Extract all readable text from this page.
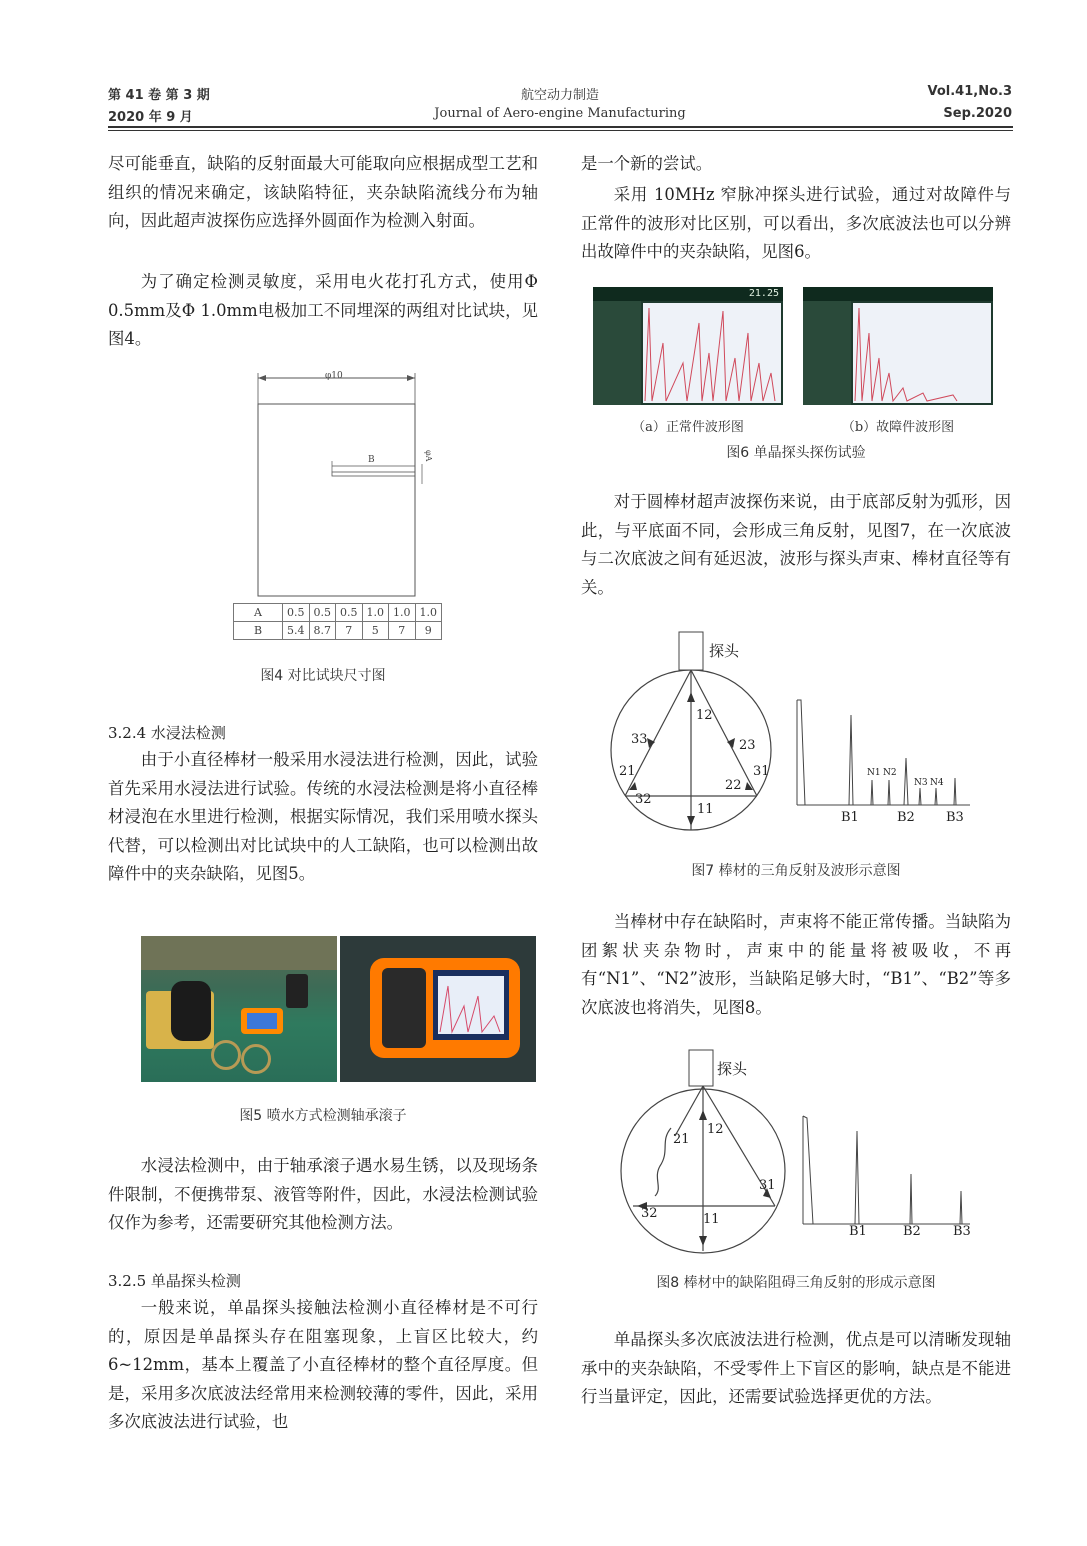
第 41 卷 第 3 期
2020 年 9 月
航空动力制造
Journal of Aero-engine Manufacturing
Vol.41,No.3
Sep.2020

尽可能垂直，缺陷的反射面最大可能取向应根据成型工艺和组织的情况来确定，该缺陷特征，夹杂缺陷流线分布为轴向，因此超声波探伤应选择外圆面作为检测入射面。

为了确定检测灵敏度，采用电火花打孔方式，使用Φ 0.5mm及Φ 1.0mm电极加工不同埋深的两组对比试块，见图4。

φ10
B	φA
A	0.5	0.5	0.5	1.0	1.0	1.0
B	5.4	8.7	7	5	7	9
图4 对比试块尺寸图
3.2.4 水浸法检测

由于小直径棒材一般采用水浸法进行检测，因此，试验首先采用水浸法进行试验。传统的水浸法检测是将小直径棒材浸泡在水里进行检测，根据实际情况，我们采用喷水探头代替，可以检测出对比试块中的人工缺陷，也可以检测出故障件中的夹杂缺陷，见图5。

图5 喷水方式检测轴承滚子

水浸法检测中，由于轴承滚子遇水易生锈，以及现场条件限制，不便携带泵、液管等附件，因此，水浸法检测试验仅作为参考，还需要研究其他检测方法。

3.2.5 单晶探头检测

一般来说，单晶探头接触法检测小直径棒材是不可行的，原因是单晶探头存在阻塞现象，上盲区比较大，约6~12mm，基本上覆盖了小直径棒材的整个直径厚度。但是，采用多次底波法经常用来检测较薄的零件，因此，采用多次底波法进行试验，也

是一个新的尝试。

采用 10MHz 窄脉冲探头进行试验，通过对故障件与正常件的波形对比区别，可以看出，多次底波法也可以分辨出故障件中的夹杂缺陷，见图6。

21.25
（a）正常件波形图	（b）故障件波形图
图6 单晶探头探伤试验

对于圆棒材超声波探伤来说，由于底部反射为弧形，因此，与平底面不同，会形成三角反射，见图7，在一次底波与二次底波之间有延迟波，波形与探头声束、棒材直径等有关。

探头
12
33	23
21	31
32
22
11
N1 N2
N3 N4
B1	B2 B3
图7 棒材的三角反射及波形示意图

当棒材中存在缺陷时，声束将不能正常传播。当缺陷为团絮状夹杂物时，声束中的能量将被吸收，不再有“N1”、“N2”波形，当缺陷足够大时，“B1”、“B2”等多次底波也将消失，见图8。

探头
21
12
31
32	11
B1	B2 B3
图8 棒材中的缺陷阻碍三角反射的形成示意图

单晶探头多次底波法进行检测，优点是可以清晰发现轴承中的夹杂缺陷，不受零件上下盲区的影响，缺点是不能进行当量评定，因此，还需要试验选择更优的方法。
